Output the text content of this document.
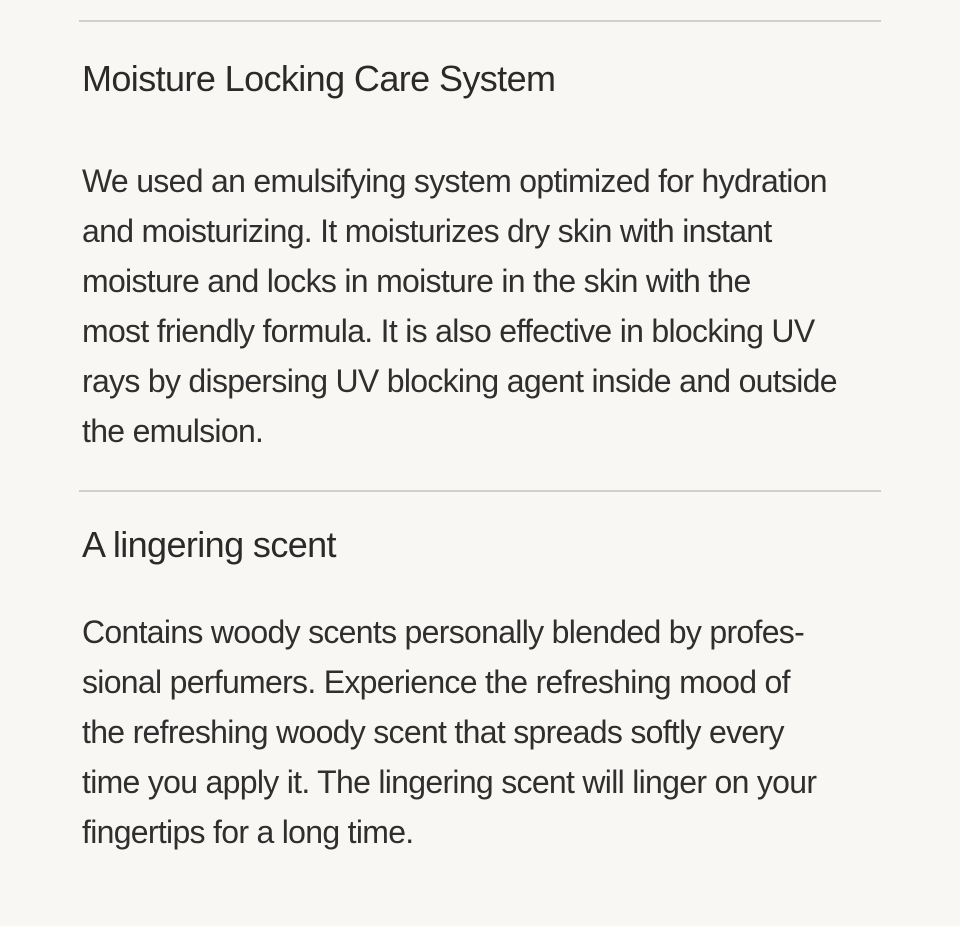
Moisture Locking Care System

We used an emulsifying system optimized for hydration
and moisturizing. It moisturizes dry skin with instant
moisture and locks in moisture in the skin with the
most friendly formula. It is also effective in blocking UV
rays by dispersing UV blocking agent inside and outside
the emulsion.

A lingering scent

Contains woody scents personally blended by profes-
sional perfumers. Experience the refreshing mood of
the refreshing woody scent that spreads softly every
time you apply it. The lingering scent will linger on your
fingertips for a long time.
